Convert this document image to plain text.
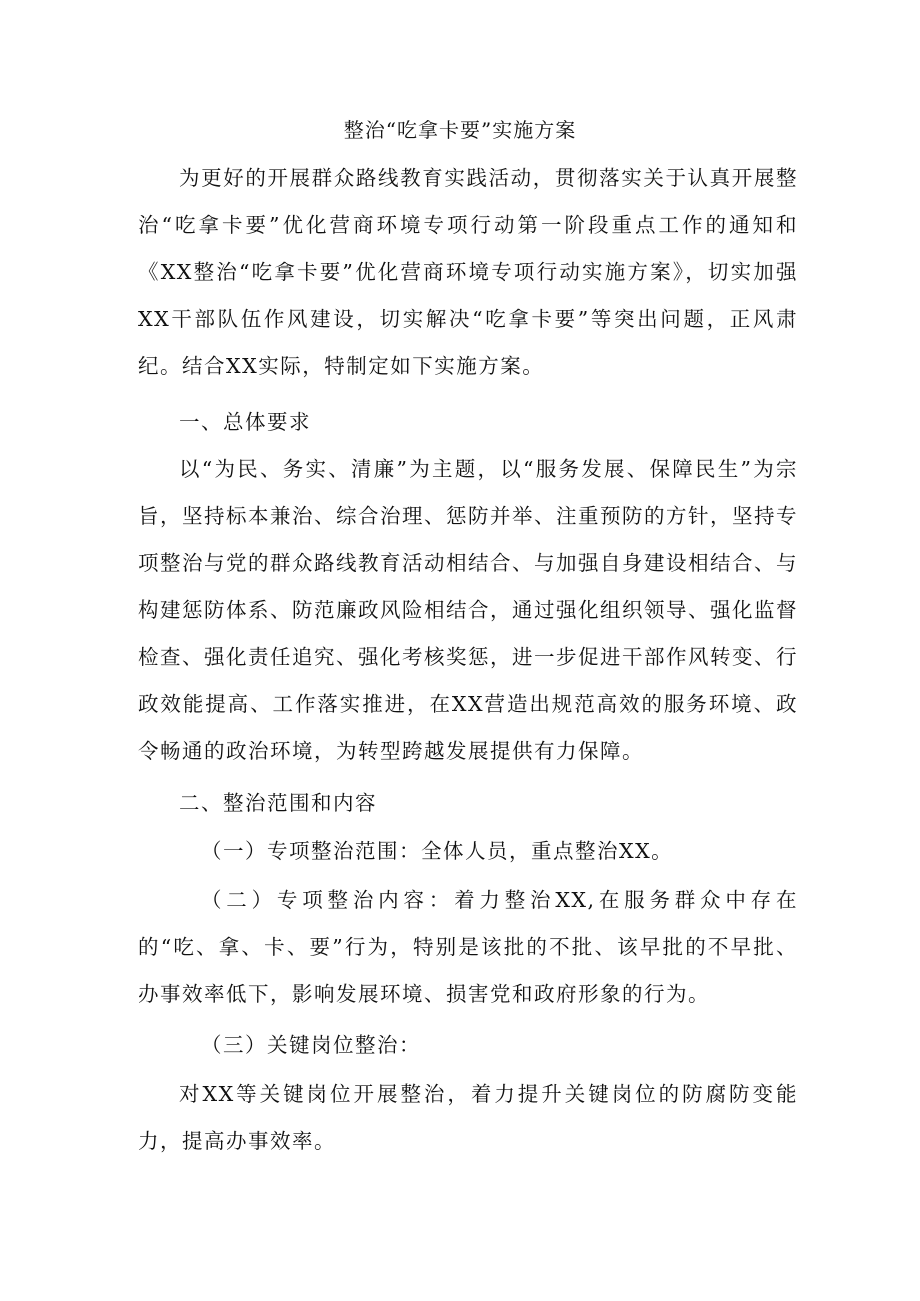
整治“吃拿卡要”实施方案

为更好的开展群众路线教育实践活动，贯彻落实关于认真开展整治“吃拿卡要”优化营商环境专项行动第一阶段重点工作的通知和《XX整治“吃拿卡要”优化营商环境专项行动实施方案》，切实加强XX干部队伍作风建设，切实解决“吃拿卡要”等突出问题，正风肃纪。结合XX实际，特制定如下实施方案。

一、总体要求

以“为民、务实、清廉”为主题，以“服务发展、保障民生”为宗旨，坚持标本兼治、综合治理、惩防并举、注重预防的方针，坚持专项整治与党的群众路线教育活动相结合、与加强自身建设相结合、与构建惩防体系、防范廉政风险相结合，通过强化组织领导、强化监督检查、强化责任追究、强化考核奖惩，进一步促进干部作风转变、行政效能提高、工作落实推进，在XX营造出规范高效的服务环境、政令畅通的政治环境，为转型跨越发展提供有力保障。

二、整治范围和内容

（一）专项整治范围：全体人员，重点整治XX。

（二）专项整治内容：着力整治XX,在服务群众中存在的“吃、拿、卡、要”行为，特别是该批的不批、该早批的不早批、办事效率低下，影响发展环境、损害党和政府形象的行为。

（三）关键岗位整治：

对XX等关键岗位开展整治，着力提升关键岗位的防腐防变能力，提高办事效率。
